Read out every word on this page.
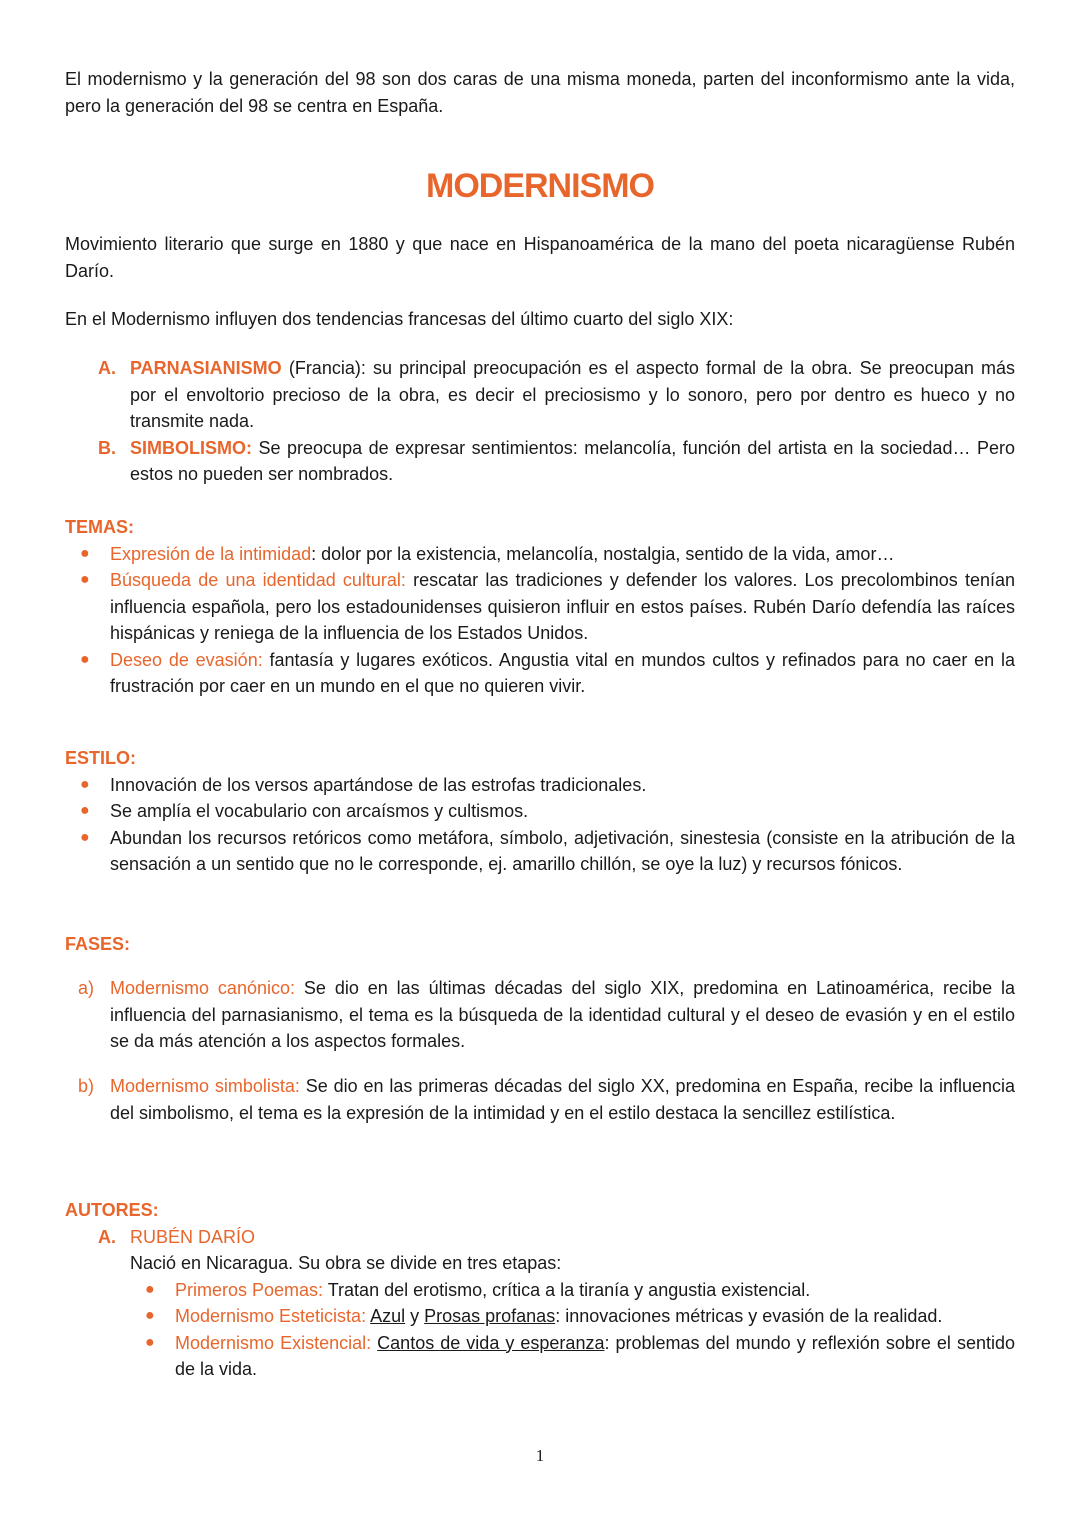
El modernismo y la generación del 98 son dos caras de una misma moneda, parten del inconformismo ante la vida, pero la generación del 98 se centra en España.

MODERNISMO

Movimiento literario que surge en 1880 y que nace en Hispanoamérica de la mano del poeta nicaragüense Rubén Darío.

En el Modernismo influyen dos tendencias francesas del último cuarto del siglo XIX:

A. PARNASIANISMO (Francia): su principal preocupación es el aspecto formal de la obra. Se preocupan más por el envoltorio precioso de la obra, es decir el preciosismo y lo sonoro, pero por dentro es hueco y no transmite nada.

B. SIMBOLISMO: Se preocupa de expresar sentimientos: melancolía, función del artista en la sociedad… Pero estos no pueden ser nombrados.

TEMAS:

● Expresión de la intimidad: dolor por la existencia, melancolía, nostalgia, sentido de la vida, amor…
● Búsqueda de una identidad cultural: rescatar las tradiciones y defender los valores. Los precolombinos tenían influencia española, pero los estadounidenses quisieron influir en estos países. Rubén Darío defendía las raíces hispánicas y reniega de la influencia de los Estados Unidos.
● Deseo de evasión: fantasía y lugares exóticos. Angustia vital en mundos cultos y refinados para no caer en la frustración por caer en un mundo en el que no quieren vivir.

ESTILO:

● Innovación de los versos apartándose de las estrofas tradicionales.
● Se amplía el vocabulario con arcaísmos y cultismos.
● Abundan los recursos retóricos como metáfora, símbolo, adjetivación, sinestesia (consiste en la atribución de la sensación a un sentido que no le corresponde, ej. amarillo chillón, se oye la luz) y recursos fónicos.

FASES:

a) Modernismo canónico: Se dio en las últimas décadas del siglo XIX, predomina en Latinoamérica, recibe la influencia del parnasianismo, el tema es la búsqueda de la identidad cultural y el deseo de evasión y en el estilo se da más atención a los aspectos formales.

b) Modernismo simbolista: Se dio en las primeras décadas del siglo XX, predomina en España, recibe la influencia del simbolismo, el tema es la expresión de la intimidad y en el estilo destaca la sencillez estilística.

AUTORES:

A. RUBÉN DARÍO

Nació en Nicaragua. Su obra se divide en tres etapas:

● Primeros Poemas: Tratan del erotismo, crítica a la tiranía y angustia existencial.
● Modernismo Esteticista: Azul y Prosas profanas: innovaciones métricas y evasión de la realidad.
● Modernismo Existencial: Cantos de vida y esperanza: problemas del mundo y reflexión sobre el sentido de la vida.
1
